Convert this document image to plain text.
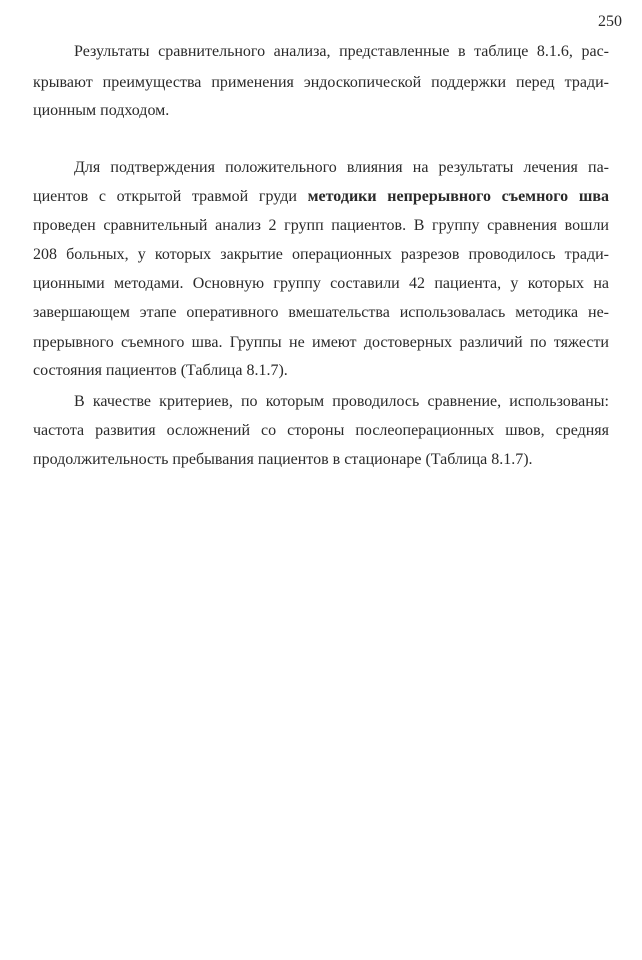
250
Результаты сравнительного анализа, представленные в таблице 8.1.6, рас-
крывают преимущества применения эндоскопической поддержки перед тради-
ционным подходом.
Для подтверждения положительного влияния на результаты лечения па-
циентов с открытой травмой груди методики непрерывного съемного шва
проведен сравнительный анализ 2 групп пациентов. В группу сравнения вошли
208 больных, у которых закрытие операционных разрезов проводилось тради-
ционными методами. Основную группу составили 42 пациента, у которых на
завершающем этапе оперативного вмешательства использовалась методика не-
прерывного съемного шва. Группы не имеют достоверных различий по тяжести
состояния пациентов (Таблица 8.1.7).
В качестве критериев, по которым проводилось сравнение, использованы:
частота развития осложнений со стороны послеоперационных швов, средняя
продолжительность пребывания пациентов в стационаре (Таблица 8.1.7).
